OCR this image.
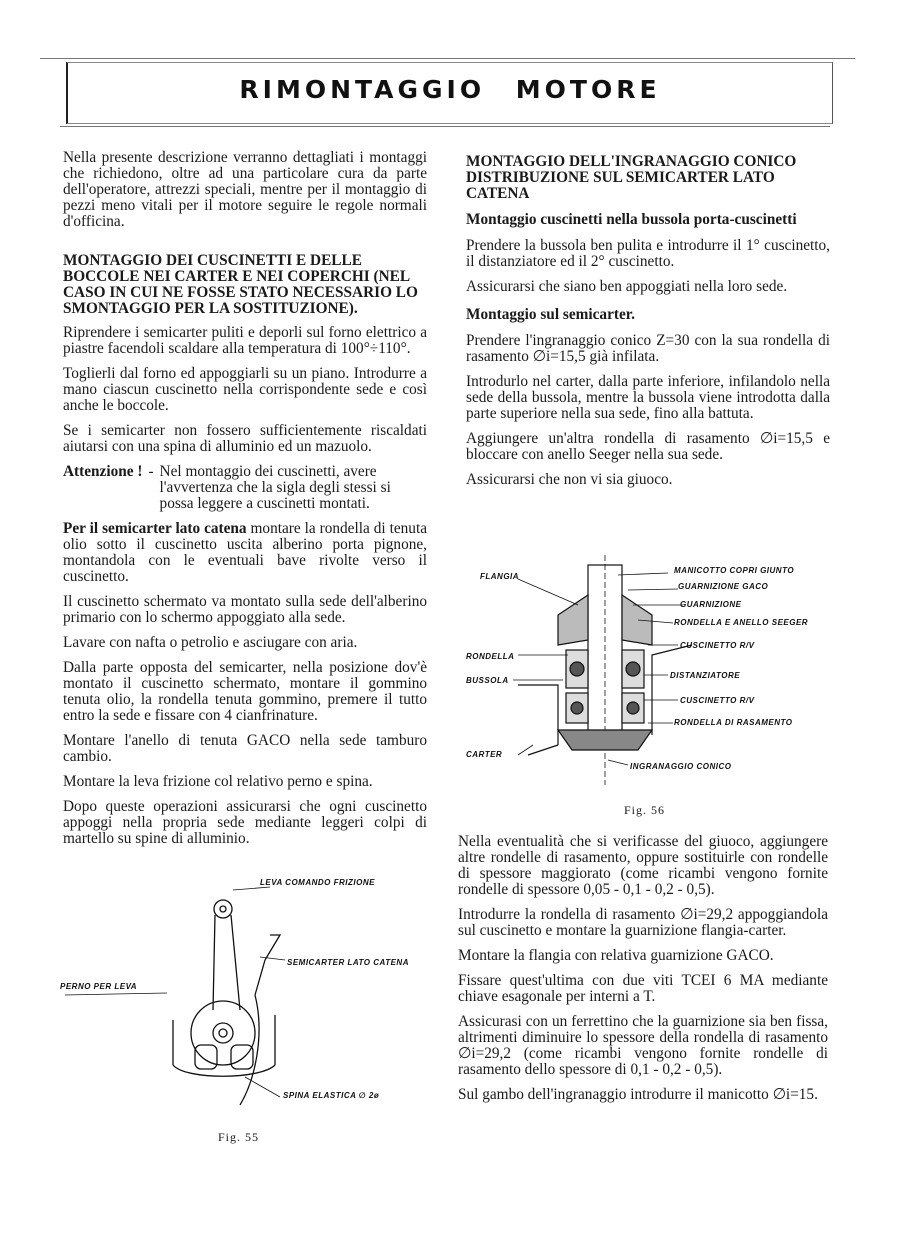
RIMONTAGGIO MOTORE

Nella presente descrizione verranno dettagliati i montaggi che richiedono, oltre ad una particolare cura da parte dell'operatore, attrezzi speciali, mentre per il montaggio di pezzi meno vitali per il motore seguire le regole normali d'officina.

MONTAGGIO DEI CUSCINETTI E DELLE BOCCOLE NEI CARTER E NEI COPERCHI (NEL CASO IN CUI NE FOSSE STATO NECESSARIO LO SMONTAGGIO PER LA SOSTITUZIONE).

Riprendere i semicarter puliti e deporli sul forno elettrico a piastre facendoli scaldare alla temperatura di 100°÷110°.

Toglierli dal forno ed appoggiarli su un piano. Introdurre a mano ciascun cuscinetto nella corrispondente sede e così anche le boccole.

Se i semicarter non fossero sufficientemente riscaldati aiutarsi con una spina di alluminio ed un mazuolo.

Attenzione ! - Nel montaggio dei cuscinetti, avere l'avvertenza che la sigla degli stessi si possa leggere a cuscinetti montati.

Per il semicarter lato catena montare la rondella di tenuta olio sotto il cuscinetto uscita alberino porta pignone, montandola con le eventuali bave rivolte verso il cuscinetto.

Il cuscinetto schermato va montato sulla sede dell'alberino primario con lo schermo appoggiato alla sede.

Lavare con nafta o petrolio e asciugare con aria.

Dalla parte opposta del semicarter, nella posizione dov'è montato il cuscinetto schermato, montare il gommino tenuta olio, la rondella tenuta gommino, premere il tutto entro la sede e fissare con 4 cianfrinature.

Montare l'anello di tenuta GACO nella sede tamburo cambio.

Montare la leva frizione col relativo perno e spina.

Dopo queste operazioni assicurarsi che ogni cuscinetto appoggi nella propria sede mediante leggeri colpi di martello su spine di alluminio.

MONTAGGIO DELL'INGRANAGGIO CONICO DISTRIBUZIONE SUL SEMICARTER LATO CATENA
Montaggio cuscinetti nella bussola porta-cuscinetti

Prendere la bussola ben pulita e introdurre il 1° cuscinetto, il distanziatore ed il 2° cuscinetto.

Assicurarsi che siano ben appoggiati nella loro sede.

Montaggio sul semicarter.

Prendere l'ingranaggio conico Z=30 con la sua rondella di rasamento ∅i=15,5 già infilata.

Introdurlo nel carter, dalla parte inferiore, infilandolo nella sede della bussola, mentre la bussola viene introdotta dalla parte superiore nella sua sede, fino alla battuta.

Aggiungere un'altra rondella di rasamento ∅i=15,5 e bloccare con anello Seeger nella sua sede.

Assicurarsi che non vi sia giuoco.

Nella eventualità che si verificasse del giuoco, aggiungere altre rondelle di rasamento, oppure sostituirle con rondelle di spessore maggiorato (come ricambi vengono fornite rondelle di spessore 0,05 - 0,1 - 0,2 - 0,5).

Introdurre la rondella di rasamento ∅i=29,2 appoggiandola sul cuscinetto e montare la guarnizione flangia-carter.

Montare la flangia con relativa guarnizione GACO.

Fissare quest'ultima con due viti TCEI 6 MA mediante chiave esagonale per interni a T.

Assicurasi con un ferrettino che la guarnizione sia ben fissa, altrimenti diminuire lo spessore della rondella di rasamento ∅i=29,2 (come ricambi vengono fornite rondelle di rasamento dello spessore di 0,1 - 0,2 - 0,5).

Sul gambo dell'ingranaggio introdurre il manicotto ∅i=15.

LEVA COMANDO FRIZIONE
SEMICARTER LATO CATENA
PERNO PER LEVA
SPINA ELASTICA ∅ 2ø
Fig. 55
FLANGIA
MANICOTTO COPRI GIUNTO
GUARNIZIONE GACO
GUARNIZIONE
RONDELLA E ANELLO SEEGER
CUSCINETTO R/V
RONDELLA
DISTANZIATORE
BUSSOLA
CUSCINETTO R/V
RONDELLA DI RASAMENTO
CARTER
INGRANAGGIO CONICO
Fig. 56
